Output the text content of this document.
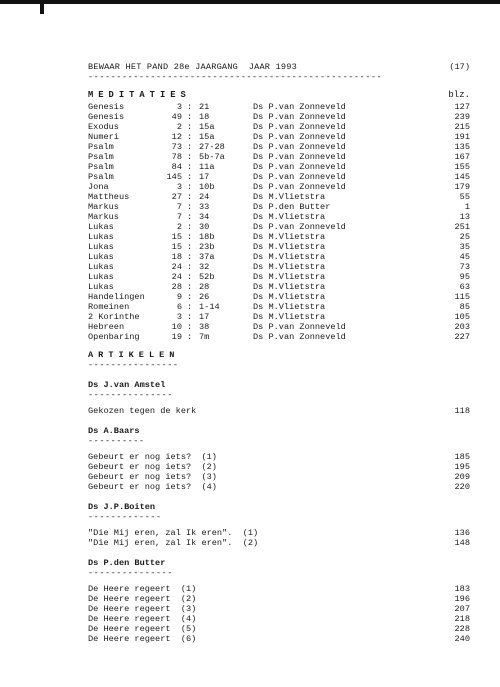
BEWAAR HET PAND 28e JAARGANG JAAR 1993	(17)
----------------------------------------------------
MEDITATIES	blz.
Genesis	3 : 21	Ds P.van Zonneveld	127
Genesis	49 : 18	Ds P.van Zonneveld	239
Exodus	2 : 15a	Ds P.van Zonneveld	215
Numeri	12 : 15a	Ds P.van Zonneveld	191
Psalm	73 : 27-28	Ds P.van Zonneveld	135
Psalm	78 : 5b-7a	Ds P.van Zonneveld	167
Psalm	84 : 11a	Ds P.van Zonneveld	155
Psalm	145 : 17	Ds P.van Zonneveld	145
Jona	3 : 10b	Ds P.van Zonneveld	179
Mattheus	27 : 24	Ds M.Vlietstra	55
Markus	7 : 33	Ds P.den Butter	1
Markus	7 : 34	Ds M.Vlietstra	13
Lukas	2 : 30	Ds P.van Zonneveld	251
Lukas	15 : 18b	Ds M.Vlietstra	25
Lukas	15 : 23b	Ds M.Vlietstra	35
Lukas	18 : 37a	Ds M.Vlietstra	45
Lukas	24 : 32	Ds M.Vlietstra	73
Lukas	24 : 52b	Ds M.Vlietstra	95
Lukas	28 : 28	Ds M.Vlietstra	63
Handelingen	9 : 26	Ds M.Vlietstra	115
Romeinen	6 : 1-14	Ds M.Vlietstra	85
2 Korinthe	3 : 17	Ds M.Vlietstra	105
Hebreen	10 : 38	Ds P.van Zonneveld	203
Openbaring	19 : 7m	Ds P.van Zonneveld	227
ARTIKELEN
----------------
Ds J.van Amstel
---------------
Gekozen tegen de kerk	118
Ds A.Baars
----------
Gebeurt er nog iets?  (1)	185
Gebeurt er nog iets?  (2)	195
Gebeurt er nog iets?  (3)	209
Gebeurt er nog iets?  (4)	220
Ds J.P.Boiten
-------------
"Die Mij eren, zal Ik eren".  (1)	136
"Die Mij eren, zal Ik eren".  (2)	148
Ds P.den Butter
---------------
De Heere regeert  (1)	183
De Heere regeert  (2)	196
De Heere regeert  (3)	207
De Heere regeert  (4)	218
De Heere regeert  (5)	228
De Heere regeert  (6)	240
